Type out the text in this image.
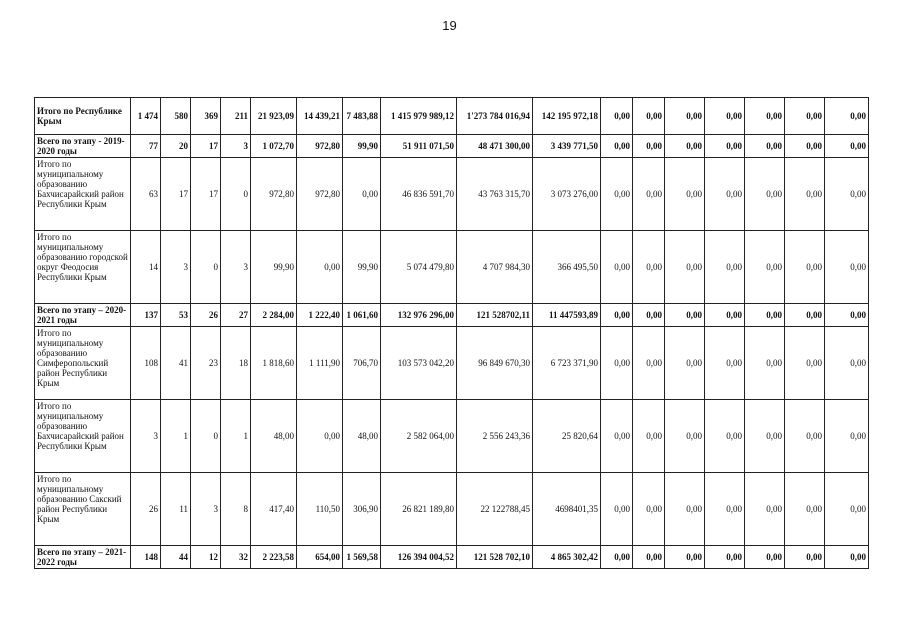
19
Итого по Республике Крым	1 474	580	369	211	21 923,09	14 439,21	7 483,88	1 415 979 989,12	1'273 784 016,94	142 195 972,18	0,00	0,00	0,00	0,00	0,00	0,00	0,00
Всего по этапу - 2019-2020 годы	77	20	17	3	1 072,70	972,80	99,90	51 911 071,50	48 471 300,00	3 439 771,50	0,00	0,00	0,00	0,00	0,00	0,00	0,00
Итого по муниципальному образованию Бахчисарайский район Республики Крым	63	17	17	0	972,80	972,80	0,00	46 836 591,70	43 763 315,70	3 073 276,00	0,00	0,00	0,00	0,00	0,00	0,00	0,00
Итого по муниципальному образованию городской округ Феодосия Республики Крым	14	3	0	3	99,90	0,00	99,90	5 074 479,80	4 707 984,30	366 495,50	0,00	0,00	0,00	0,00	0,00	0,00	0,00
Всего по этапу – 2020-2021 годы	137	53	26	27	2 284,00	1 222,40	1 061,60	132 976 296,00	121 528702,11	11 447593,89	0,00	0,00	0,00	0,00	0,00	0,00	0,00
Итого по муниципальному образованию Симферопольский район Республики Крым	108	41	23	18	1 818,60	1 111,90	706,70	103 573 042,20	96 849 670,30	6 723 371,90	0,00	0,00	0,00	0,00	0,00	0,00	0,00
Итого по муниципальному образованию Бахчисарайский район Республики Крым	3	1	0	1	48,00	0,00	48,00	2 582 064,00	2 556 243,36	25 820,64	0,00	0,00	0,00	0,00	0,00	0,00	0,00
Итого по муниципальному образованию Сакский район Республики Крым	26	11	3	8	417,40	110,50	306,90	26 821 189,80	22 122788,45	4698401,35	0,00	0,00	0,00	0,00	0,00	0,00	0,00
Всего по этапу – 2021-2022 годы	148	44	12	32	2 223,58	654,00	1 569,58	126 394 004,52	121 528 702,10	4 865 302,42	0,00	0,00	0,00	0,00	0,00	0,00	0,00
